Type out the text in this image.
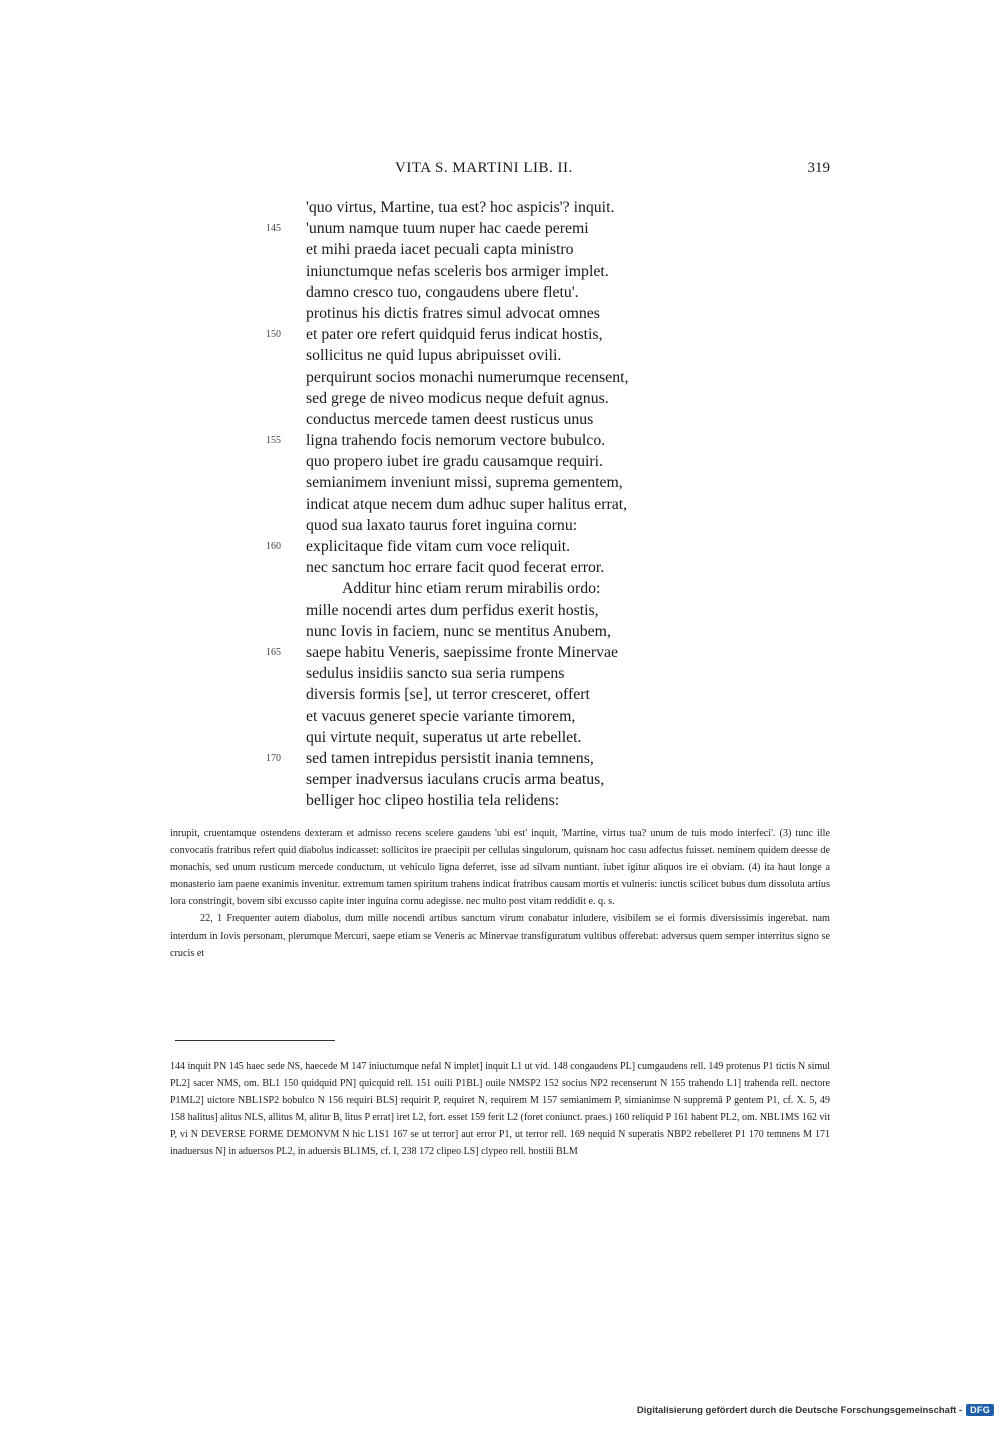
VITA S. MARTINI LIB. II.	319
'quo virtus, Martine, tua est? hoc aspicis'? inquit.
145 'unum namque tuum nuper hac caede peremi
et mihi praeda iacet pecuali capta ministro
iniunctumque nefas sceleris bos armiger implet.
damno cresco tuo, congaudens ubere fletu'.
protinus his dictis fratres simul advocat omnes
150 et pater ore refert quidquid ferus indicat hostis,
sollicitus ne quid lupus abripuisset ovili.
perquirunt socios monachi numerumque recensent,
sed grege de niveo modicus neque defuit agnus.
conductus mercede tamen deest rusticus unus
155 ligna trahendo focis nemorum vectore bubulco.
quo propero iubet ire gradu causamque requiri.
semianimem inveniunt missi, suprema gementem,
indicat atque necem dum adhuc super halitus errat,
quod sua laxato taurus foret inguina cornu:
160 explicitaque fide vitam cum voce reliquit.
nec sanctum hoc errare facit quod fecerat error.
Additur hinc etiam rerum mirabilis ordo:
mille nocendi artes dum perfidus exerit hostis,
nunc Iovis in faciem, nunc se mentitus Anubem,
165 saepe habitu Veneris, saepissime fronte Minervae
sedulus insidiis sancto sua seria rumpens
diversis formis [se], ut terror cresceret, offert
et vacuus generet specie variante timorem,
qui virtute nequit, superatus ut arte rebellet.
170 sed tamen intrepidus persistit inania temnens,
semper inadversus iaculans crucis arma beatus,
belliger hoc clipeo hostilia tela relidens:

inrupit, cruentamque ostendens dexteram et admisso recens scelere gaudens 'ubi est' inquit, 'Martine, virtus tua? unum de tuis modo interfeci'. (3) tunc ille convocatis fratribus refert quid diabolus indicasset: sollicitos ire praecipit per cellulas singulorum, quisnam hoc casu adfectus fuisset. neminem quidem deesse de monachis, sed unum rusticum mercede conductum, ut vehiculo ligna deferret, isse ad silvam nuntiant. iubet igitur aliquos ire ei obviam. (4) ita haut longe a monasterio iam paene exanimis invenitur. extremum tamen spiritum trahens indicat fratribus causam mortis et vulneris: iunctis scilicet bubus dum dissoluta artius lora constringit, bovem sibi excusso capite inter inguina cornu adegisse. nec multo post vitam reddidit e. q. s.

22, 1 Frequenter autem diabolus, dum mille nocendi artibus sanctum virum conabatur inludere, visibilem se ei formis diversissimis ingerebat. nam interdum in Iovis personam, plerumque Mercuri, saepe etiam se Veneris ac Minervae transfiguratum vultibus offerebat: adversus quem semper interritus signo se crucis et

144 inquit PN 145 haec sede NS, haecede M 147 iniuctumque nefal N implet] inquit L1 ut vid. 148 congaudens PL] cumgaudens rell. 149 protenus P1 tictis N simul PL2] sacer NMS, om. BL1 150 quidquid PN] quicquid rell. 151 ouili P1BL] ouile NMSP2 152 socius NP2 recenserunt N 155 trahendo L1] trahenda rell. nectore P1ML2] uictore NBL1SP2 bobulco N 156 requiri BLS] requirit P, requiret N, requirem M 157 semianimem P, simianimse N suppremā P gentem P1, cf. X. 5, 49 158 halitus] alitus NLS, allitus M, alitur B, litus P errat] iret L2, fort. esset 159 ferit L2 (foret coniunct. praes.) 160 reliquid P 161 habent PL2, om. NBL1MS 162 vit P, vi N DEVERSE FORME DEMONVM N hic L1S1 167 se ut terror] aut error P1, ut terror rell. 169 nequid N superatis NBP2 rebelleret P1 170 temnens M 171 inaduersus N] in aduersos PL2, in aduersis BL1MS, cf. I, 238 172 clipeo LS] clypeo rell. hostili BLM
Digitalisierung gefördert durch die Deutsche Forschungsgemeinschaft - DFG
